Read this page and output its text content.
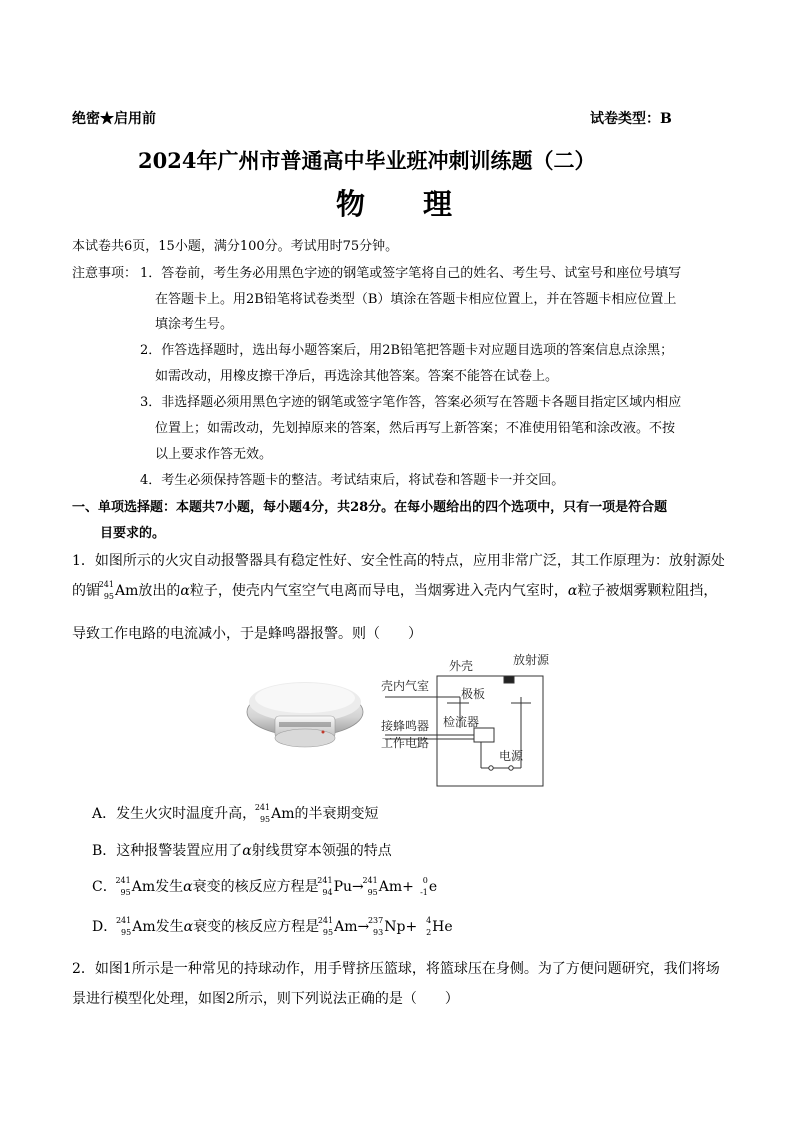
绝密★启用前	试卷类型：B
2024年广州市普通高中毕业班冲刺训练题（二）
物　　理
本试卷共6页，15小题，满分100分。考试用时75分钟。
注意事项： 1．答卷前，考生务必用黑色字迹的钢笔或签字笔将自己的姓名、考生号、试室号和座位号填写
在答题卡上。用2B铅笔将试卷类型（B）填涂在答题卡相应位置上，并在答题卡相应位置上
填涂考生号。
2．作答选择题时，选出每小题答案后，用2B铅笔把答题卡对应题目选项的答案信息点涂黑；
如需改动，用橡皮擦干净后，再选涂其他答案。答案不能答在试卷上。
3．非选择题必须用黑色字迹的钢笔或签字笔作答，答案必须写在答题卡各题目指定区域内相应
位置上；如需改动，先划掉原来的答案，然后再写上新答案；不准使用铅笔和涂改液。不按
以上要求作答无效。
4．考生必须保持答题卡的整洁。考试结束后，将试卷和答题卡一并交回。
一、单项选择题：本题共7小题，每小题4分，共28分。在每小题给出的四个选项中，只有一项是符合题
目要求的。
1．如图所示的火灾自动报警器具有稳定性好、安全性高的特点，应用非常广泛，其工作原理为：放射源处
的镅
241
95 Am放出的α粒子，使壳内气室空气电离而导电，当烟雾进入壳内气室时，α粒子被烟雾颗粒阻挡，
导致工作电路的电流减小，于是蜂鸣器报警。则（　　）
外壳	放射源
壳内气室
极板
检流器
接蜂鸣器
工作电路
电源
A．发生火灾时温度升高，
241
95 Am的半衰期变短
B．这种报警装置应用了α射线贯穿本领强的特点
C．
241
95 Am发生α衰变的核反应方程是
241
94 Pu→
241
95 Am+ 0
-1 e
D．
241
95 Am发生α衰变的核反应方程是
241
95 Am→
237
93 Np+ 4
2 He
2．如图1所示是一种常见的持球动作，用手臂挤压篮球，将篮球压在身侧。为了方便问题研究，我们将场
景进行模型化处理，如图2所示，则下列说法正确的是（　　）
